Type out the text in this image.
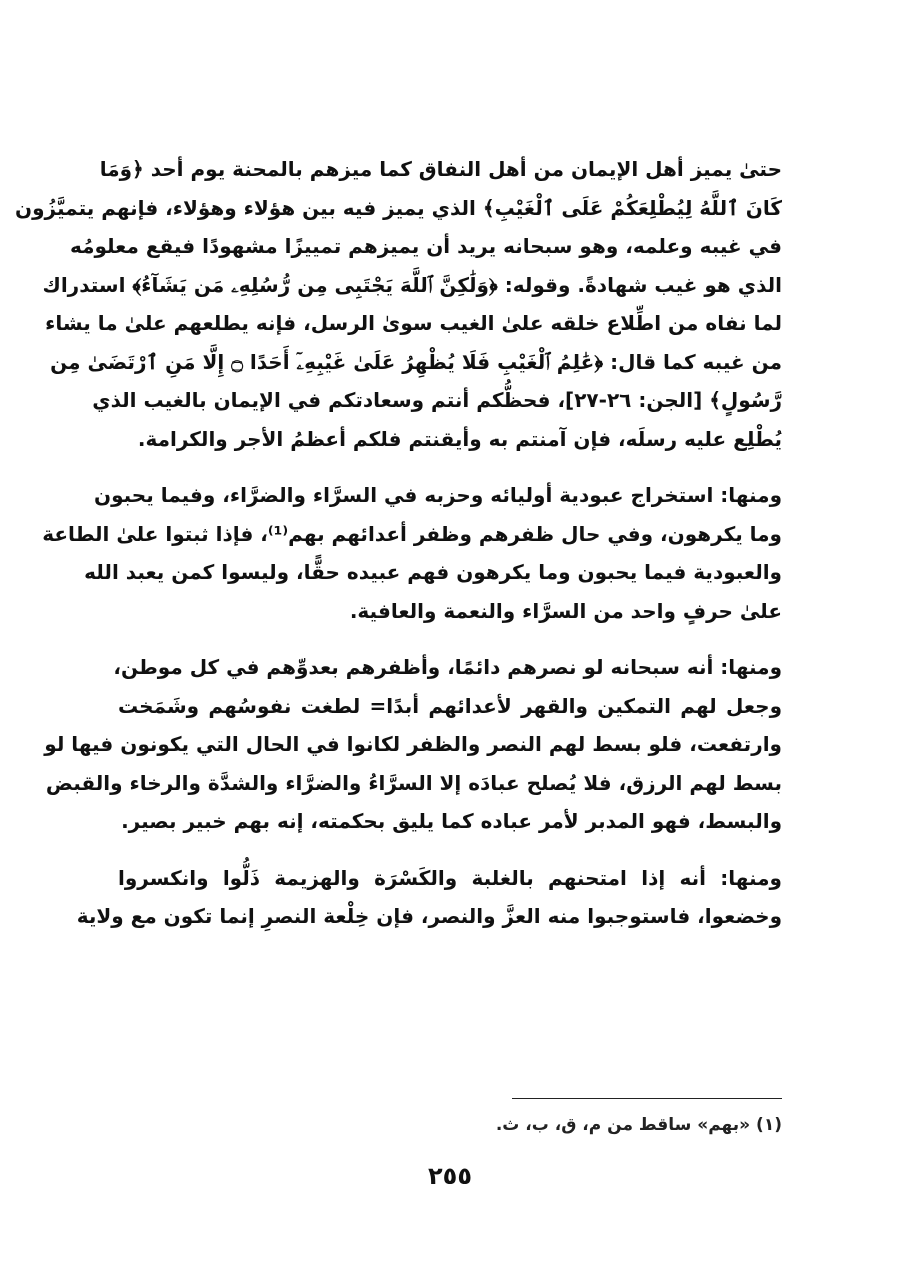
حتىٰ يميز أهل الإيمان من أهل النفاق كما ميزهم بالمحنة يوم أحد ﴿وَمَا
كَانَ ٱللَّهُ لِيُطْلِعَكُمْ عَلَى ٱلْغَيْبِ﴾ الذي يميز فيه بين هؤلاء وهؤلاء، فإنهم يتميَّزُون
في غيبه وعلمه، وهو سبحانه يريد أن يميزهم تمييزًا مشهودًا فيقع معلومُه
الذي هو غيب شهادةً. وقوله: ﴿وَلَٰكِنَّ ٱللَّهَ يَجْتَبِى مِن رُّسُلِهِۦ مَن يَشَآءُ﴾ استدراك
لما نفاه من اطِّلاع خلقه علىٰ الغيب سوىٰ الرسل، فإنه يطلعهم علىٰ ما يشاء
من غيبه كما قال: ﴿عَٰلِمُ ٱلْغَيْبِ فَلَا يُظْهِرُ عَلَىٰ غَيْبِهِۦٓ أَحَدًا ۝ إِلَّا مَنِ ٱرْتَضَىٰ مِن
رَّسُولٍ﴾ [الجن: ٢٦-٢٧]، فحظُّكم أنتم وسعادتكم في الإيمان بالغيب الذي
يُطْلِع عليه رسلَه، فإن آمنتم به وأيقنتم فلكم أعظمُ الأجر والكرامة.

ومنها: استخراج عبودية أوليائه وحزبه في السرَّاء والضرَّاء، وفيما يحبون
وما يكرهون، وفي حال ظفرهم وظفر أعدائهم بهم⁽¹⁾، فإذا ثبتوا علىٰ الطاعة
والعبودية فيما يحبون وما يكرهون فهم عبيده حقًّا، وليسوا كمن يعبد الله
علىٰ حرفٍ واحد من السرَّاء والنعمة والعافية.

ومنها: أنه سبحانه لو نصرهم دائمًا، وأظفرهم بعدوِّهم في كل موطن،
وجعل لهم التمكين والقهر لأعدائهم أبدًا= لطغت نفوسُهم وشَمَخت
وارتفعت، فلو بسط لهم النصر والظفر لكانوا في الحال التي يكونون فيها لو
بسط لهم الرزق، فلا يُصلح عبادَه إلا السرَّاءُ والضرَّاء والشدَّة والرخاء والقبض
والبسط، فهو المدبر لأمر عباده كما يليق بحكمته، إنه بهم خبير بصير.

ومنها: أنه إذا امتحنهم بالغلبة والكَسْرَة والهزيمة ذَلُّوا وانكسروا
وخضعوا، فاستوجبوا منه العزَّ والنصر، فإن خِلْعة النصرِ إنما تكون مع ولاية

(١) «بهم» ساقط من م، ق، ب، ث.
٢٥٥
